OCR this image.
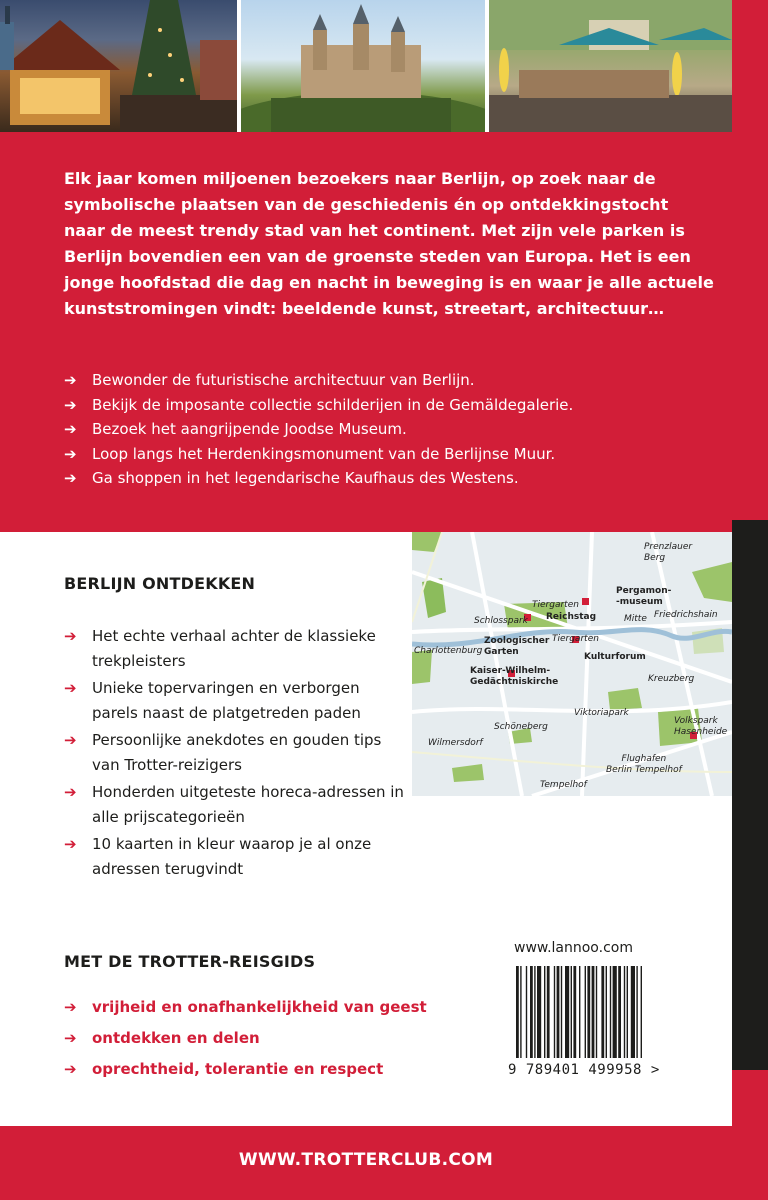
Elk jaar komen miljoenen bezoekers naar Berlijn, op zoek naar de symbolische plaatsen van de geschiedenis én op ontdekkingstocht naar de meest trendy stad van het continent. Met zijn vele parken is Berlijn bovendien een van de groenste steden van Europa. Het is een jonge hoofdstad die dag en nacht in beweging is en waar je alle actuele kunststromingen vindt: beeldende kunst, streetart, architectuur…

➔	Bewonder de futuristische architectuur van Berlijn.
➔	Bekijk de imposante collectie schilderijen in de Gemäldegalerie.
➔	Bezoek het aangrijpende Joodse Museum.
➔	Loop langs het Herdenkingsmonument van de Berlijnse Muur.
➔	Ga shoppen in het legendarische Kaufhaus des Westens.
BERLIJN ONTDEKKEN
➔	Het echte verhaal achter de klassieke trekpleisters
➔	Unieke topervaringen en verborgen parels naast de platgetreden paden
➔	Persoonlijke anekdotes en gouden tips van Trotter-reizigers
➔	Honderden uitgeteste horeca-adressen in alle prijscategorieën
➔	10 kaarten in kleur waarop je al onze adressen terugvindt
Prenzlauer
Berg
Pergamon-
-museum
Friedrichshain
Mitte
Tiergarten
Reichstag
Schlosspark
Zoologischer
Garten
Tiergarten
Charlottenburg
Kulturforum
Kaiser-Wilhelm-
Gedächtniskirche	Kreuzberg
Viktoriapark
Volkspark
Hasenheide
Schöneberg
Wilmersdorf
Flughafen
Berlin Tempelhof
Tempelhof
MET DE TROTTER-REISGIDS
➔	vrijheid en onafhankelijkheid van geest
➔	ontdekken en delen
➔	oprechtheid, tolerantie en respect
www.lannoo.com
9 789401 499958 >
WWW.TROTTERCLUB.COM
